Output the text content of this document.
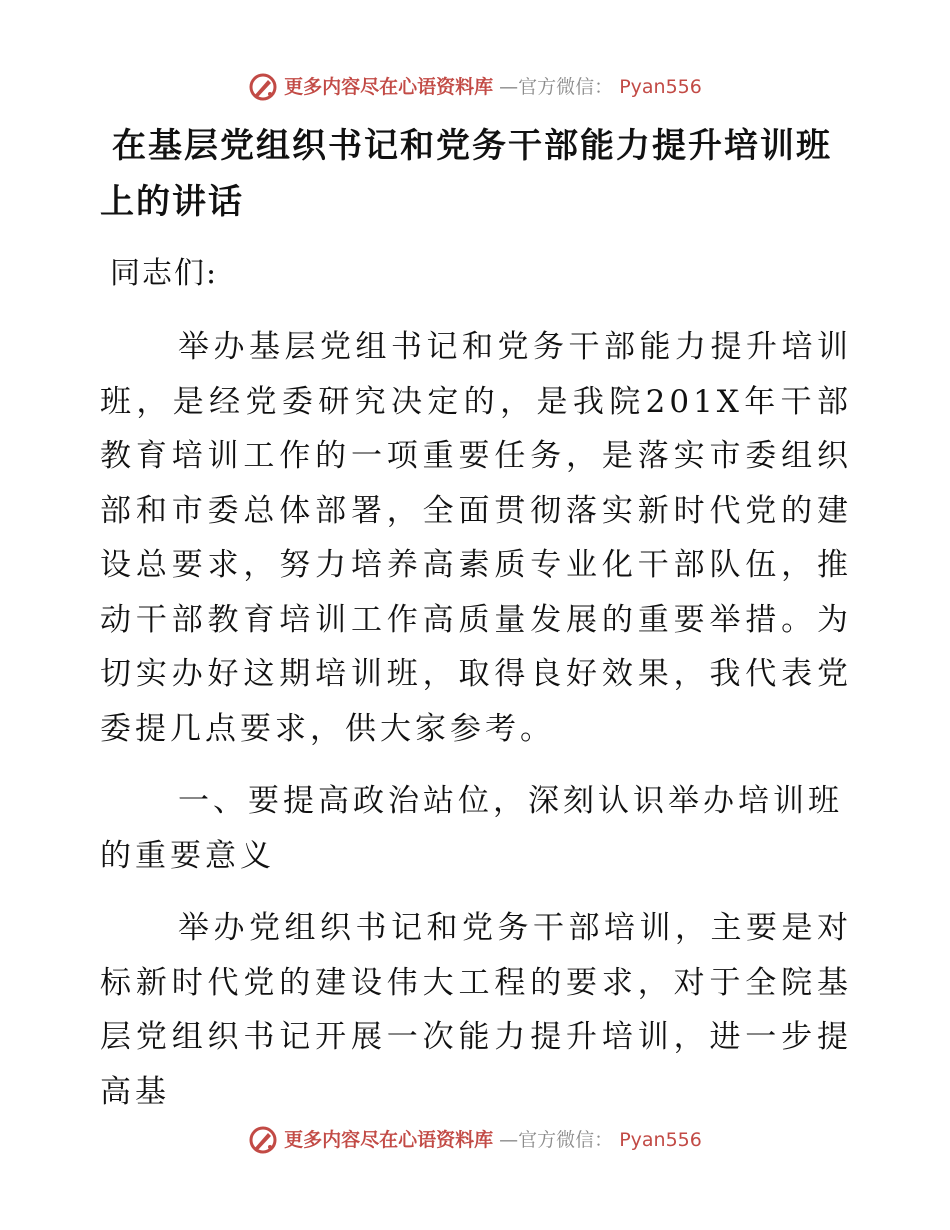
更多内容尽在心语资料库 —官方微信： Pyan556
在基层党组织书记和党务干部能力提升培训班上的讲话

同志们:

举办基层党组书记和党务干部能力提升培训班，是经党委研究决定的，是我院201X年干部教育培训工作的一项重要任务，是落实市委组织部和市委总体部署，全面贯彻落实新时代党的建设总要求，努力培养高素质专业化干部队伍，推动干部教育培训工作高质量发展的重要举措。为切实办好这期培训班，取得良好效果，我代表党委提几点要求，供大家参考。

一、要提高政治站位，深刻认识举办培训班的重要意义

举办党组织书记和党务干部培训，主要是对标新时代党的建设伟大工程的要求，对于全院基层党组织书记开展一次能力提升培训，进一步提高基

更多内容尽在心语资料库 —官方微信： Pyan556
